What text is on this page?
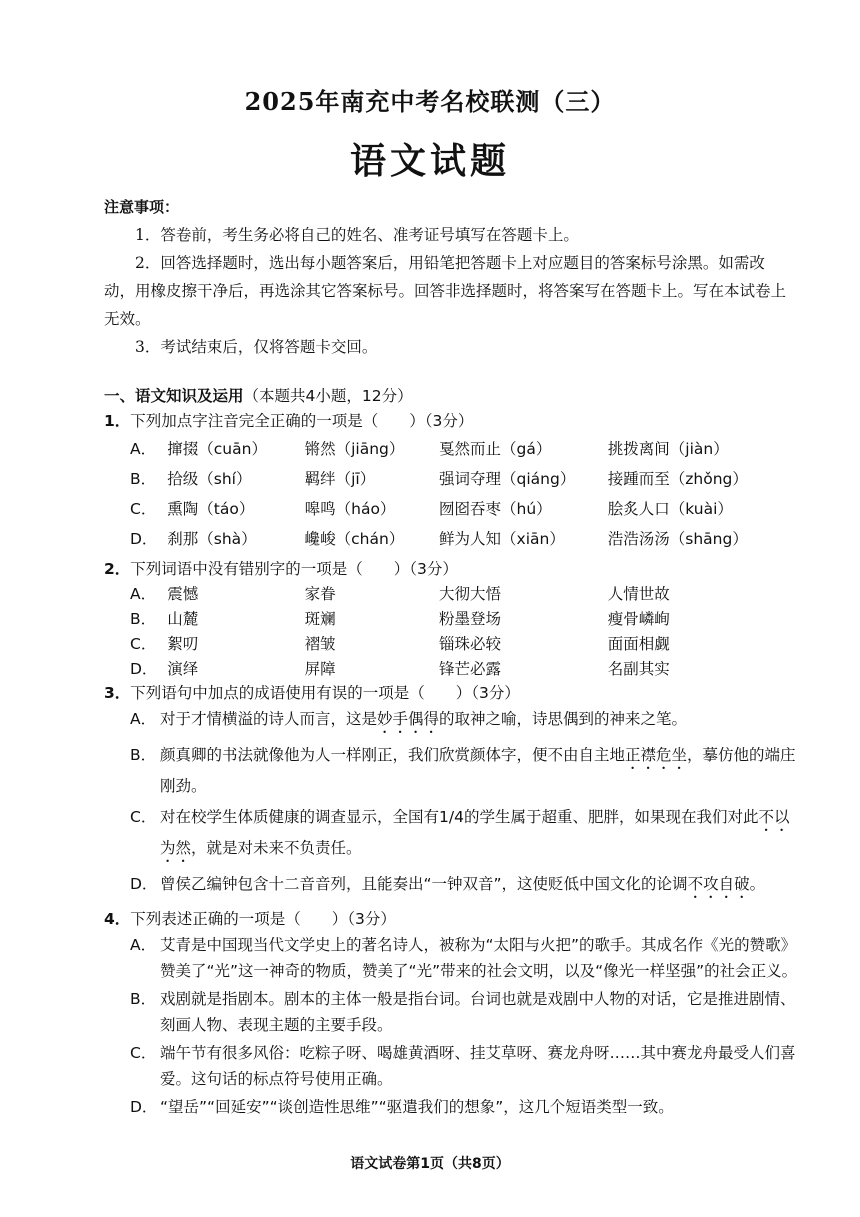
2025年南充中考名校联测（三）
语文试题
注意事项：
1．答卷前，考生务必将自己的姓名、准考证号填写在答题卡上。
2．回答选择题时，选出每小题答案后，用铅笔把答题卡上对应题目的答案标号涂黑。如需改动，用橡皮擦干净后，再选涂其它答案标号。回答非选择题时，将答案写在答题卡上。写在本试卷上无效。
3．考试结束后，仅将答题卡交回。
一、语文知识及运用（本题共4小题，12分）
1．下列加点字注音完全正确的一项是（　　）（3分）
A． 撺掇（cuān）	锵然（jiāng）	戛然而止（gá）	挑拨离间（jiàn）
B． 拾级（shí）	羁绊（jī）	强词夺理（qiáng）	接踵而至（zhǒng）
C． 熏陶（táo）	嗥鸣（háo）	囫囵吞枣（hú）	脍炙人口（kuài）
D． 刹那（shà）	巉峻（chán）	鲜为人知（xiān）	浩浩汤汤（shāng）
2．下列词语中没有错别字的一项是（　　）（3分）
A． 震憾	家眷	大彻大悟	人情世故
B． 山麓	斑斓	粉墨登场	瘦骨嶙峋
C． 絮叨	褶皱	锱珠必较	面面相觑
D． 演绎	屏障	锋芒必露	名副其实
3．下列语句中加点的成语使用有误的一项是（　　）（3分）
A． 对于才情横溢的诗人而言，这是妙手偶得的取神之喻，诗思偶到的神来之笔。
B． 颜真卿的书法就像他为人一样刚正，我们欣赏颜体字，便不由自主地正襟危坐，摹仿他的端庄刚劲。
C． 对在校学生体质健康的调查显示，全国有1/4的学生属于超重、肥胖，如果现在我们对此不以为然，就是对未来不负责任。
D． 曾侯乙编钟包含十二音音列，且能奏出“一钟双音”，这使贬低中国文化的论调不攻自破。
4．下列表述正确的一项是（　　）（3分）
A． 艾青是中国现当代文学史上的著名诗人，被称为“太阳与火把”的歌手。其成名作《光的赞歌》赞美了“光”这一神奇的物质，赞美了“光”带来的社会文明，以及“像光一样坚强”的社会正义。
B． 戏剧就是指剧本。剧本的主体一般是指台词。台词也就是戏剧中人物的对话，它是推进剧情、刻画人物、表现主题的主要手段。
C． 端午节有很多风俗：吃粽子呀、喝雄黄酒呀、挂艾草呀、赛龙舟呀……其中赛龙舟最受人们喜爱。这句话的标点符号使用正确。
D． “望岳”“回延安”“谈创造性思维”“驱遣我们的想象”，这几个短语类型一致。
语文试卷第1页（共8页）
